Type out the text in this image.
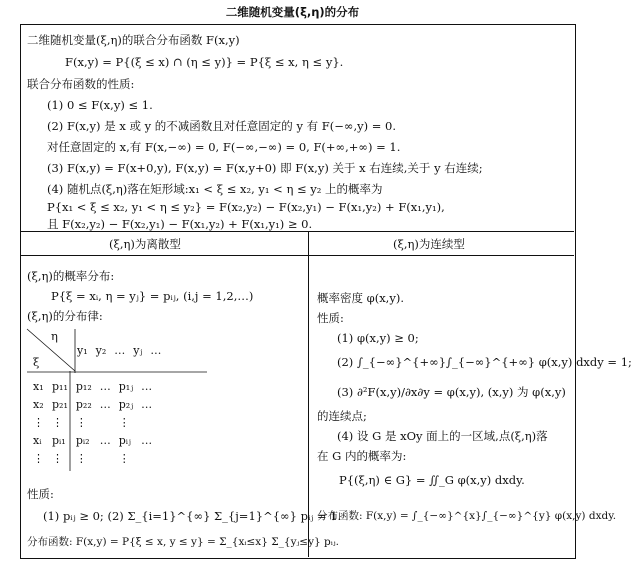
二维随机变量(ξ,η)的分布
二维随机变量(ξ,η)的联合分布函数 F(x,y)
F(x,y) = P{(ξ ≤ x) ∩ (η ≤ y)} = P{ξ ≤ x, η ≤ y}.
联合分布函数的性质:
(1) 0 ≤ F(x,y) ≤ 1.
(2) F(x,y) 是 x 或 y 的不减函数且对任意固定的 y 有 F(−∞,y) = 0.
对任意固定的 x,有 F(x,−∞) = 0, F(−∞,−∞) = 0, F(+∞,+∞) = 1.
(3) F(x,y) = F(x+0,y), F(x,y) = F(x,y+0) 即 F(x,y) 关于 x 右连续,关于 y 右连续;
(4) 随机点(ξ,η)落在矩形域:x₁ < ξ ≤ x₂, y₁ < η ≤ y₂ 上的概率为
P{x₁ < ξ ≤ x₂, y₁ < η ≤ y₂} = F(x₂,y₂) − F(x₂,y₁) − F(x₁,y₂) + F(x₁,y₁),
且 F(x₂,y₂) − F(x₂,y₁) − F(x₁,y₂) + F(x₁,y₁) ≥ 0.
(ξ,η)为离散型	(ξ,η)为连续型
(ξ,η)的概率分布:
P{ξ = xᵢ, η = yⱼ} = pᵢⱼ, (i,j = 1,2,…)
(ξ,η)的分布律:
η
ξ
y₁	y₂	…	yⱼ	…
x₁	p₁₁	p₁₂	…	p₁ⱼ	…
x₂	p₂₁	p₂₂	…	p₂ⱼ	…
⋮	⋮	⋮		⋮	
xᵢ	pᵢ₁	pᵢ₂	…	pᵢⱼ	…
⋮	⋮	⋮		⋮	
性质:
(1) pᵢⱼ ≥ 0; (2) Σ_{i=1}^{∞} Σ_{j=1}^{∞} pᵢⱼ = 1.
分布函数: F(x,y) = P{ξ ≤ x, y ≤ y} = Σ_{xᵢ≤x} Σ_{yⱼ≤y} pᵢⱼ.
概率密度 φ(x,y).
性质:
(1) φ(x,y) ≥ 0;
(2) ∫_{−∞}^{+∞}∫_{−∞}^{+∞} φ(x,y) dxdy = 1;
(3) ∂²F(x,y)/∂x∂y = φ(x,y), (x,y) 为 φ(x,y)
的连续点;
(4) 设 G 是 xOy 面上的一区域,点(ξ,η)落
在 G 内的概率为:
P{(ξ,η) ∈ G} = ∬_G φ(x,y) dxdy.
分布函数: F(x,y) = ∫_{−∞}^{x}∫_{−∞}^{y} φ(x,y) dxdy.
